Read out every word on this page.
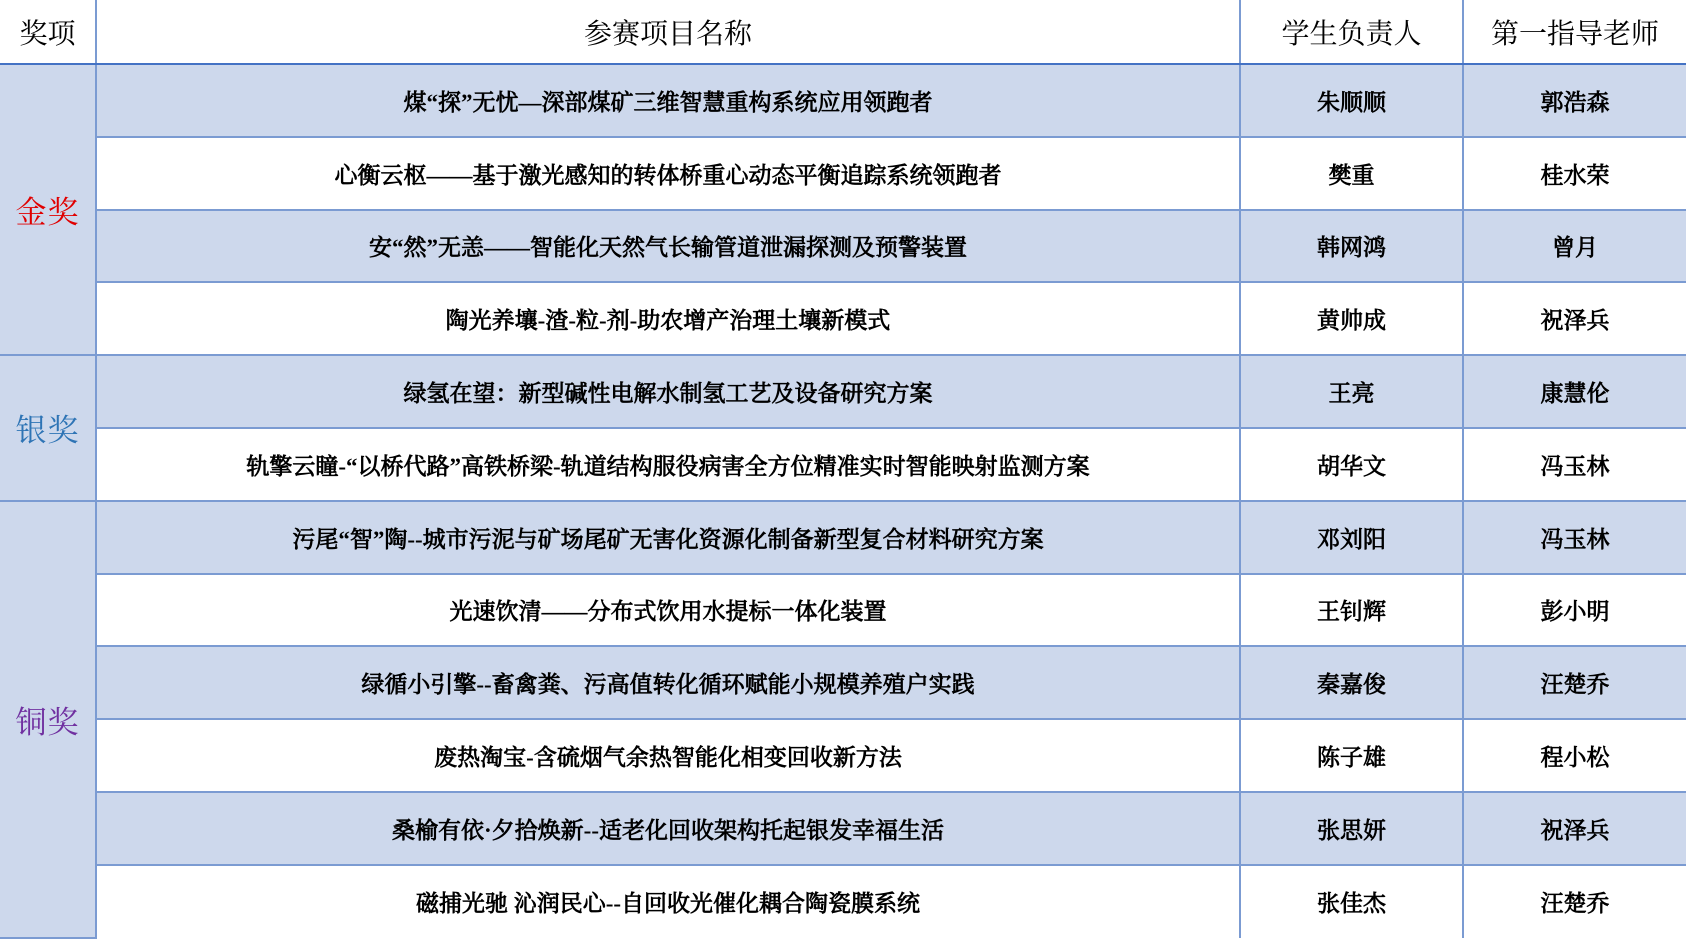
奖项	参赛项目名称	学生负责人	第一指导老师
金奖	煤“探”无忧—深部煤矿三维智慧重构系统应用领跑者	朱顺顺	郭浩森
	心衡云枢——基于激光感知的转体桥重心动态平衡追踪系统领跑者	樊重	桂水荣
	安“然”无恙——智能化天然气长输管道泄漏探测及预警装置	韩网鸿	曾月
	陶光养壤-渣-粒-剂-助农增产治理土壤新模式	黄帅成	祝泽兵
银奖	绿氢在望：新型碱性电解水制氢工艺及设备研究方案	王亮	康慧伦
	轨擎云瞳-“以桥代路”高铁桥梁-轨道结构服役病害全方位精准实时智能映射监测方案	胡华文	冯玉林
铜奖	污尾“智”陶--城市污泥与矿场尾矿无害化资源化制备新型复合材料研究方案	邓刘阳	冯玉林
	光速饮清——分布式饮用水提标一体化装置	王钊辉	彭小明
	绿循小引擎--畜禽粪、污高值转化循环赋能小规模养殖户实践	秦嘉俊	汪楚乔
	废热淘宝-含硫烟气余热智能化相变回收新方法	陈子雄	程小松
	桑榆有依·夕拾焕新--适老化回收架构托起银发幸福生活	张思妍	祝泽兵
	磁捕光驰 沁润民心--自回收光催化耦合陶瓷膜系统	张佳杰	汪楚乔
